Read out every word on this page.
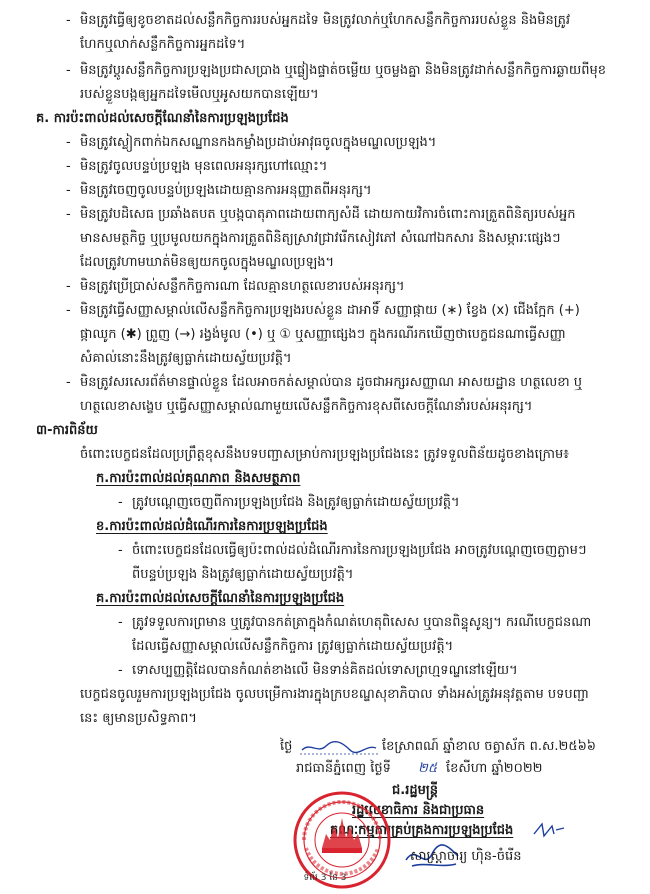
- មិនត្រូវធ្វើឲ្យខូចខាតដល់សន្លឹកកិច្ចការរបស់អ្នកដទៃ មិនត្រូវលាក់ឬហែកសន្លឹកកិច្ចការរបស់ខ្លួន និងមិនត្រូវ
ហែកឬលាក់សន្លឹកកិច្ចការអ្នកដទៃ។
- មិនត្រូវប្តូរសន្លឹកកិច្ចការប្រឡងប្រជាសប្រាង ឬផ្លៀងផ្ទាត់ចម្លើយ ឬចម្លងគ្នា និងមិនត្រូវដាក់សន្លឹកកិច្ចការឆ្ងាយពីមុខ
របស់ខ្លួនបង្កឲ្យអ្នកដទៃមើលឬអូសយកបានឡើយ។
គ. ការប៉ះពាល់ដល់សេចក្តីណែនាំនៃការប្រឡងប្រជែង
- មិនត្រូវស្លៀកពាក់ឯកសណ្ឋានកងកម្លាំងប្រដាប់អាវុធចូលក្នុងមណ្ឌលប្រឡង។
- មិនត្រូវចូលបន្ទប់ប្រឡង មុនពេលអនុរក្សហៅឈ្មោះ។
- មិនត្រូវចេញចូលបន្ទប់ប្រឡងដោយគ្មានការអនុញ្ញាតពីអនុរក្ស។
- មិនត្រូវបដិសេធ ប្រឆាំងតបត ឬបង្កបាតុភាពដោយពាក្យសំដី ដោយកាយវិការចំពោះការត្រួតពិនិត្យរបស់អ្នក
មានសមត្ថកិច្ច ឬប្រមូលយកក្នុងការត្រួតពិនិត្យស្រាវជ្រាវរើកសៀវភៅ សំណៅឯកសារ និងសម្ភារៈផ្សេងៗ
ដែលត្រូវហាមឃាត់មិនឲ្យយកចូលក្នុងមណ្ឌលប្រឡង។
- មិនត្រូវប្រើប្រាស់សន្លឹកកិច្ចការណា ដែលគ្មានហត្ថលេខារបស់អនុរក្ស។
- មិនត្រូវធ្វើសញ្ញាសម្គាល់លើសន្លឹកកិច្ចការប្រឡងរបស់ខ្លួន ដាអាទិ៍ សញ្ញាផ្កាយ (∗) ខ្វែង (x) ជើងក្អែក (+)
ផ្កាឈូក (✱) ព្រួញ (→) រង្វង់មូល (•) ឬ ① ឬសញ្ញាផ្សេងៗ ក្នុងករណីរកឃើញថាបេក្ខជនណាធ្វើសញ្ញា
សំគាល់នោះនឹងត្រូវឲ្យធ្លាក់ដោយស្វ័យប្រវត្តិ។
- មិនត្រូវសរសេរព័ត៌មានផ្ទាល់ខ្លួន ដែលអាចកត់សម្គាល់បាន ដូចជាអក្សរសញ្ញាណ អាសយដ្ឋាន ហត្ថលេខា ឬ
ហត្ថលេខាសង្ខេប ឬធ្វើសញ្ញាសម្គាល់ណាមួយលើសន្លឹកកិច្ចការខុសពីសេចក្តីណែនាំរបស់អនុរក្ស។
៣-ការពិន័យ
ចំពោះបេក្ខជនដែលប្រព្រឹត្តខុសនឹងបទបញ្ជាសម្រាប់ការប្រឡងប្រជែងនេះ ត្រូវទទួលពិន័យដូចខាងក្រោម៖
ក.ការប៉ះពាល់ដល់គុណភាព និងសមត្ថភាព
- ត្រូវបណ្តេញចេញពីការប្រឡងប្រជែង និងត្រូវឲ្យធ្លាក់ដោយស្វ័យប្រវត្តិ។
ខ.ការប៉ះពាល់ដល់ដំណើរការនៃការប្រឡងប្រជែង
- ចំពោះបេក្ខជនដែលធ្វើឲ្យប៉ះពាល់ដល់ដំណើរការនៃការប្រឡងប្រជែង អាចត្រូវបណ្តេញចេញភ្លាមៗ
ពីបន្ទប់ប្រឡង និងត្រូវឲ្យធ្លាក់ដោយស្វ័យប្រវត្តិ។
គ.ការប៉ះពាល់ដល់សេចក្តីណែនាំនៃការប្រឡងប្រជែង
- ត្រូវទទួលការព្រមាន ឬត្រូវបានកត់ត្រាក្នុងកំណត់ហេតុពិសេស ឬបានពិន្ទុសូន្យ។ ករណីបេក្ខជនណា
ដែលធ្វើសញ្ញាសម្គាល់លើសន្លឹកកិច្ចការ ត្រូវឲ្យធ្លាក់ដោយស្វ័យប្រវត្តិ។
- ទោសប្បញ្ញត្តិដែលបានកំណត់ខាងលើ មិនទាន់គិតដល់ទោសព្រហ្មទណ្ឌនៅឡើយ។
បេក្ខជនចូលរួមការប្រឡងប្រជែង ចូលបម្រើការងារក្នុងក្របខណ្ឌសុខាភិបាល ទាំងអស់ត្រូវអនុវត្តតាម បទបញ្ជា
នេះ ឲ្យមានប្រសិទ្ធភាព។
ថ្ងៃ	ខែស្រាពណ៍ ឆ្នាំខាល ចត្វាស័ក ព.ស.២៥៦៦
រាជធានីភ្នំពេញ ថ្ងៃទី ២៥ ខែសីហា ឆ្នាំ២០២២
ជ.រដ្ឋមន្ត្រី
រដ្ឋលេខាធិការ និងជាប្រធាន
គណៈកម្មការគ្រប់គ្រងការប្រឡងប្រជែង
សាស្ត្រាចារ្យ ហ៊ិន-ចំរើន
ទំព័រ 3 នៃ 3
